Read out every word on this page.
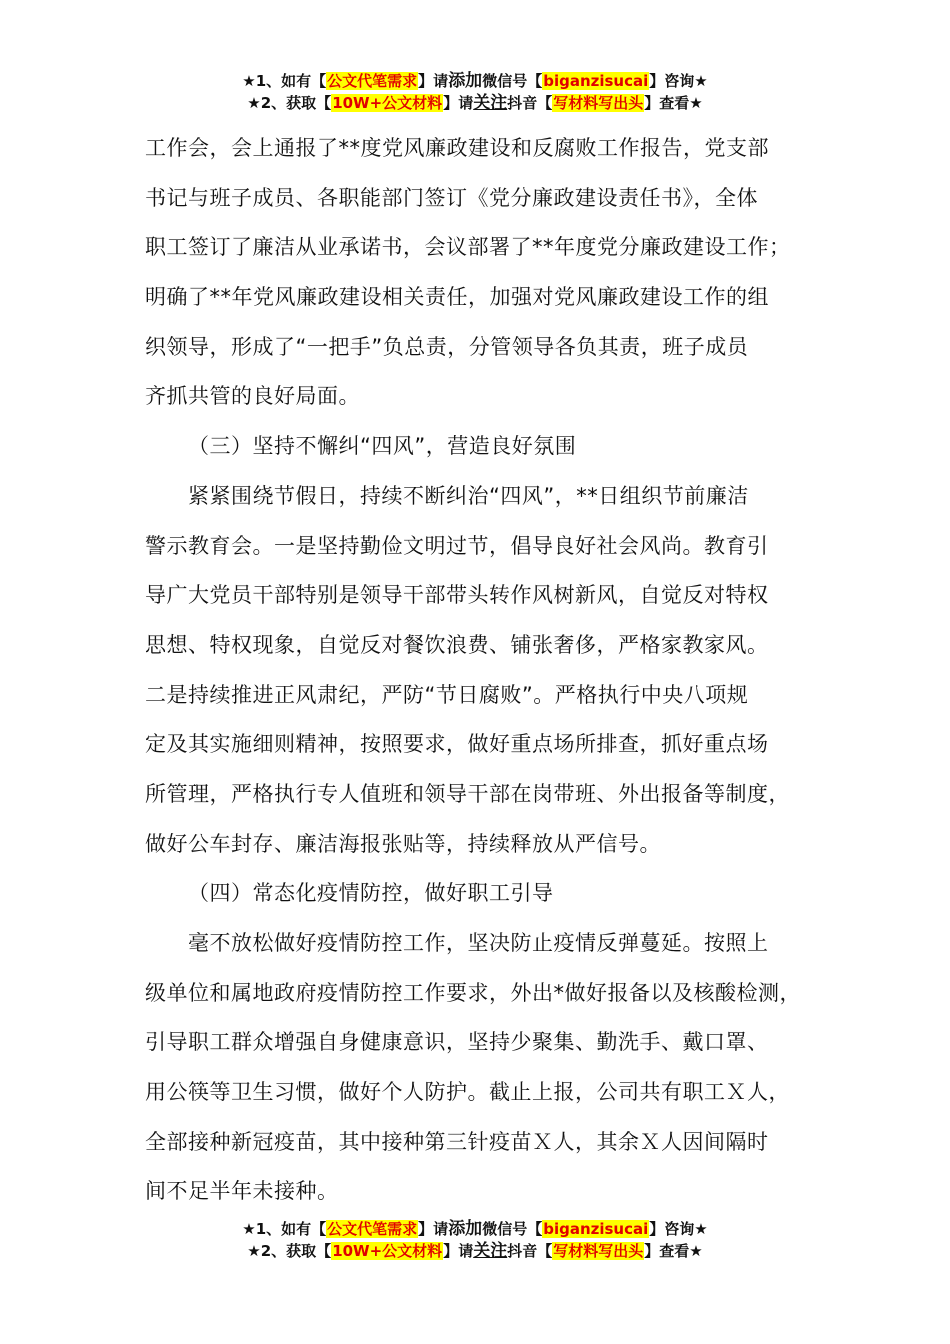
★1、如有【公文代笔需求】请添加微信号【biganzisucai】咨询★
★2、获取【10W+公文材料】请关注抖音【写材料写出头】查看★
工作会，会上通报了**度党风廉政建设和反腐败工作报告，党支部
书记与班子成员、各职能部门签订《党分廉政建设责任书》，全体
职工签订了廉洁从业承诺书，会议部署了**年度党分廉政建设工作；
明确了**年党风廉政建设相关责任，加强对党风廉政建设工作的组
织领导，形成了“一把手”负总责，分管领导各负其责，班子成员
齐抓共管的良好局面。
（三）坚持不懈纠“四风”，营造良好氛围
紧紧围绕节假日，持续不断纠治“四风”，**日组织节前廉洁
警示教育会。一是坚持勤俭文明过节，倡导良好社会风尚。教育引
导广大党员干部特别是领导干部带头转作风树新风，自觉反对特权
思想、特权现象，自觉反对餐饮浪费、铺张奢侈，严格家教家风。
二是持续推进正风肃纪，严防“节日腐败”。严格执行中央八项规
定及其实施细则精神，按照要求，做好重点场所排查，抓好重点场
所管理，严格执行专人值班和领导干部在岗带班、外出报备等制度，
做好公车封存、廉洁海报张贴等，持续释放从严信号。
（四）常态化疫情防控，做好职工引导
毫不放松做好疫情防控工作，坚决防止疫情反弹蔓延。按照上
级单位和属地政府疫情防控工作要求，外出*做好报备以及核酸检测，
引导职工群众增强自身健康意识，坚持少聚集、勤洗手、戴口罩、
用公筷等卫生习惯，做好个人防护。截止上报，公司共有职工Ｘ人，
全部接种新冠疫苗，其中接种第三针疫苗Ｘ人，其余Ｘ人因间隔时
间不足半年未接种。
★1、如有【公文代笔需求】请添加微信号【biganzisucai】咨询★
★2、获取【10W+公文材料】请关注抖音【写材料写出头】查看★
